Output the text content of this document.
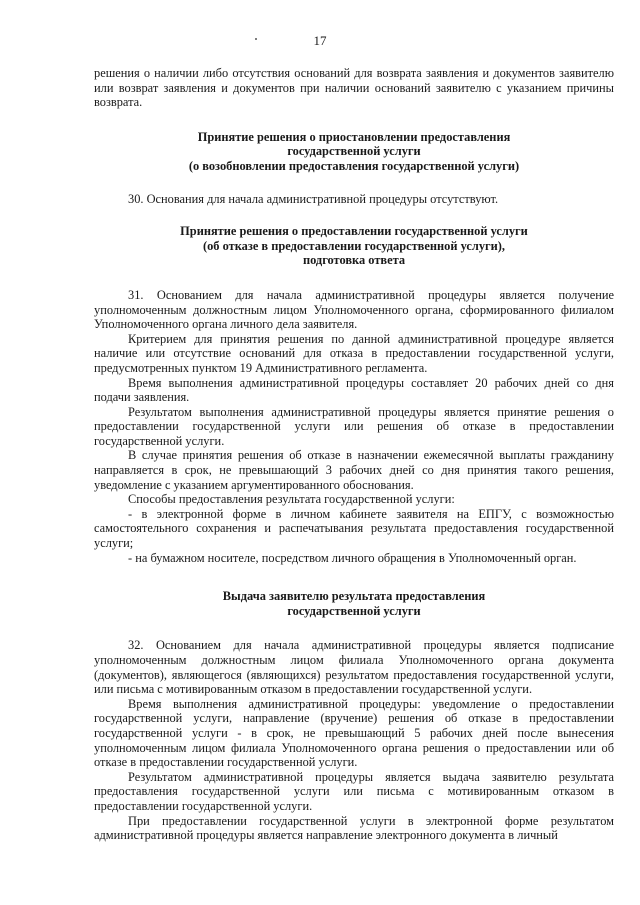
17

решения о наличии либо отсутствия оснований для возврата заявления и документов заявителю или возврат заявления и документов при наличии оснований заявителю с указанием причины возврата.

Принятие решения о приостановлении предоставления
государственной услуги
(о возобновлении предоставления государственной услуги)

30. Основания для начала административной процедуры отсутствуют.

Принятие решения о предоставлении государственной услуги
(об отказе в предоставлении государственной услуги),
подготовка ответа

31. Основанием для начала административной процедуры является получение уполномоченным должностным лицом Уполномоченного органа, сформированного филиалом Уполномоченного органа личного дела заявителя.

Критерием для принятия решения по данной административной процедуре является наличие или отсутствие оснований для отказа в предоставлении государственной услуги, предусмотренных пунктом 19 Административного регламента.

Время выполнения административной процедуры составляет 20 рабочих дней со дня подачи заявления.

Результатом выполнения административной процедуры является принятие решения о предоставлении государственной услуги или решения об отказе в предоставлении государственной услуги.

В случае принятия решения об отказе в назначении ежемесячной выплаты гражданину направляется в срок, не превышающий 3 рабочих дней со дня принятия такого решения, уведомление с указанием аргументированного обоснования.

Способы предоставления результата государственной услуги:

- в электронной форме в личном кабинете заявителя на ЕПГУ, с возможностью самостоятельного сохранения и распечатывания результата предоставления государственной услуги;

- на бумажном носителе, посредством личного обращения в Уполномоченный орган.

Выдача заявителю результата предоставления
государственной услуги

32. Основанием для начала административной процедуры является подписание уполномоченным должностным лицом филиала Уполномоченного органа документа (документов), являющегося (являющихся) результатом предоставления государственной услуги, или письма с мотивированным отказом в предоставлении государственной услуги.

Время выполнения административной процедуры: уведомление о предоставлении государственной услуги, направление (вручение) решения об отказе в предоставлении государственной услуги - в срок, не превышающий 5 рабочих дней после вынесения уполномоченным лицом филиала Уполномоченного органа решения о предоставлении или об отказе в предоставлении государственной услуги.

Результатом административной процедуры является выдача заявителю результата предоставления государственной услуги или письма с мотивированным отказом в предоставлении государственной услуги.

При предоставлении государственной услуги в электронной форме результатом административной процедуры является направление электронного документа в личный
